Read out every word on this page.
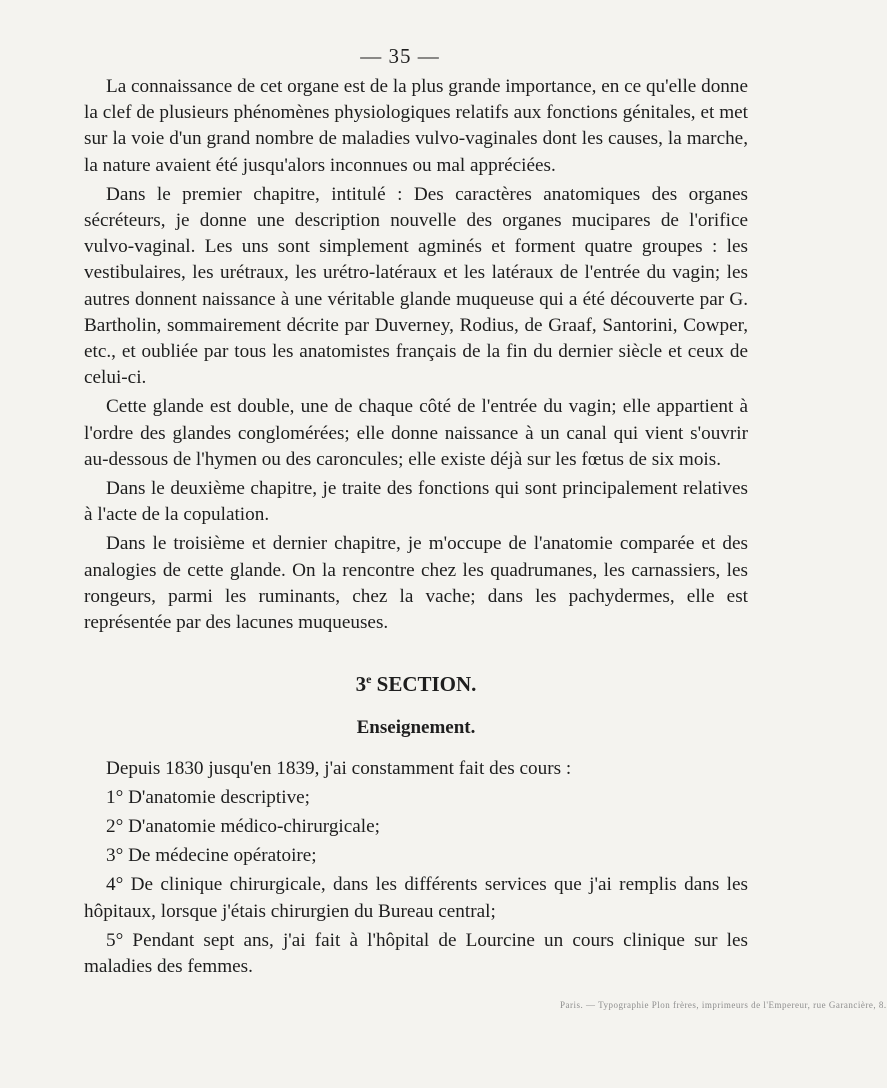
— 35 —

La connaissance de cet organe est de la plus grande importance, en ce qu'elle donne la clef de plusieurs phénomènes physiologiques relatifs aux fonctions génitales, et met sur la voie d'un grand nombre de maladies vulvo-vaginales dont les causes, la marche, la nature avaient été jusqu'alors inconnues ou mal appréciées.

Dans le premier chapitre, intitulé : Des caractères anatomiques des organes sécréteurs, je donne une description nouvelle des organes mucipares de l'orifice vulvo-vaginal. Les uns sont simplement agminés et forment quatre groupes : les vestibulaires, les urétraux, les urétro-latéraux et les latéraux de l'entrée du vagin; les autres donnent naissance à une véritable glande muqueuse qui a été découverte par G. Bartholin, sommairement décrite par Duverney, Rodius, de Graaf, Santorini, Cowper, etc., et oubliée par tous les anatomistes français de la fin du dernier siècle et ceux de celui-ci.

Cette glande est double, une de chaque côté de l'entrée du vagin; elle appartient à l'ordre des glandes conglomérées; elle donne naissance à un canal qui vient s'ouvrir au-dessous de l'hymen ou des caroncules; elle existe déjà sur les fœtus de six mois.

Dans le deuxième chapitre, je traite des fonctions qui sont principalement relatives à l'acte de la copulation.

Dans le troisième et dernier chapitre, je m'occupe de l'anatomie comparée et des analogies de cette glande. On la rencontre chez les quadrumanes, les carnassiers, les rongeurs, parmi les ruminants, chez la vache; dans les pachydermes, elle est représentée par des lacunes muqueuses.

3e SECTION.

Enseignement.

Depuis 1830 jusqu'en 1839, j'ai constamment fait des cours :

1° D'anatomie descriptive;

2° D'anatomie médico-chirurgicale;

3° De médecine opératoire;

4° De clinique chirurgicale, dans les différents services que j'ai remplis dans les hôpitaux, lorsque j'étais chirurgien du Bureau central;

5° Pendant sept ans, j'ai fait à l'hôpital de Lourcine un cours clinique sur les maladies des femmes.

Paris. — Typographie Plon frères, imprimeurs de l'Empereur, rue Garancière, 8.
